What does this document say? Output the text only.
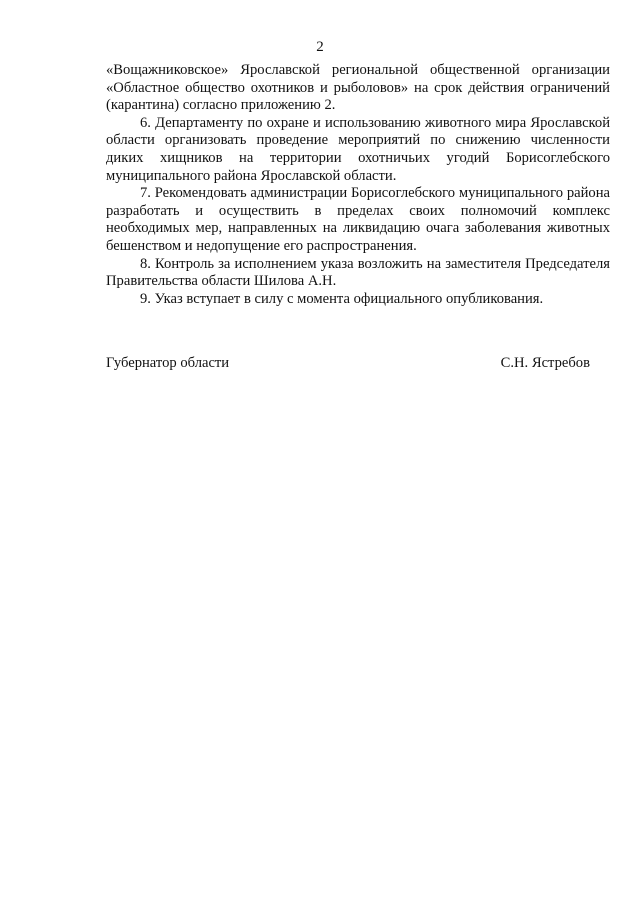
2

«Вощажниковское» Ярославской региональной общественной организации «Областное общество охотников и рыболовов» на срок действия ограничений (карантина) согласно приложению 2.

6. Департаменту по охране и использованию животного мира Ярославской области организовать проведение мероприятий по снижению численности диких хищников на территории охотничьих угодий Борисоглебского муниципального района Ярославской области.

7. Рекомендовать администрации Борисоглебского муниципального района разработать и осуществить в пределах своих полномочий комплекс необходимых мер, направленных на ликвидацию очага заболевания животных бешенством и недопущение его распространения.

8. Контроль за исполнением указа возложить на заместителя Председателя Правительства области Шилова А.Н.

9. Указ вступает в силу с момента официального опубликования.

Губернатор области	С.Н. Ястребов
